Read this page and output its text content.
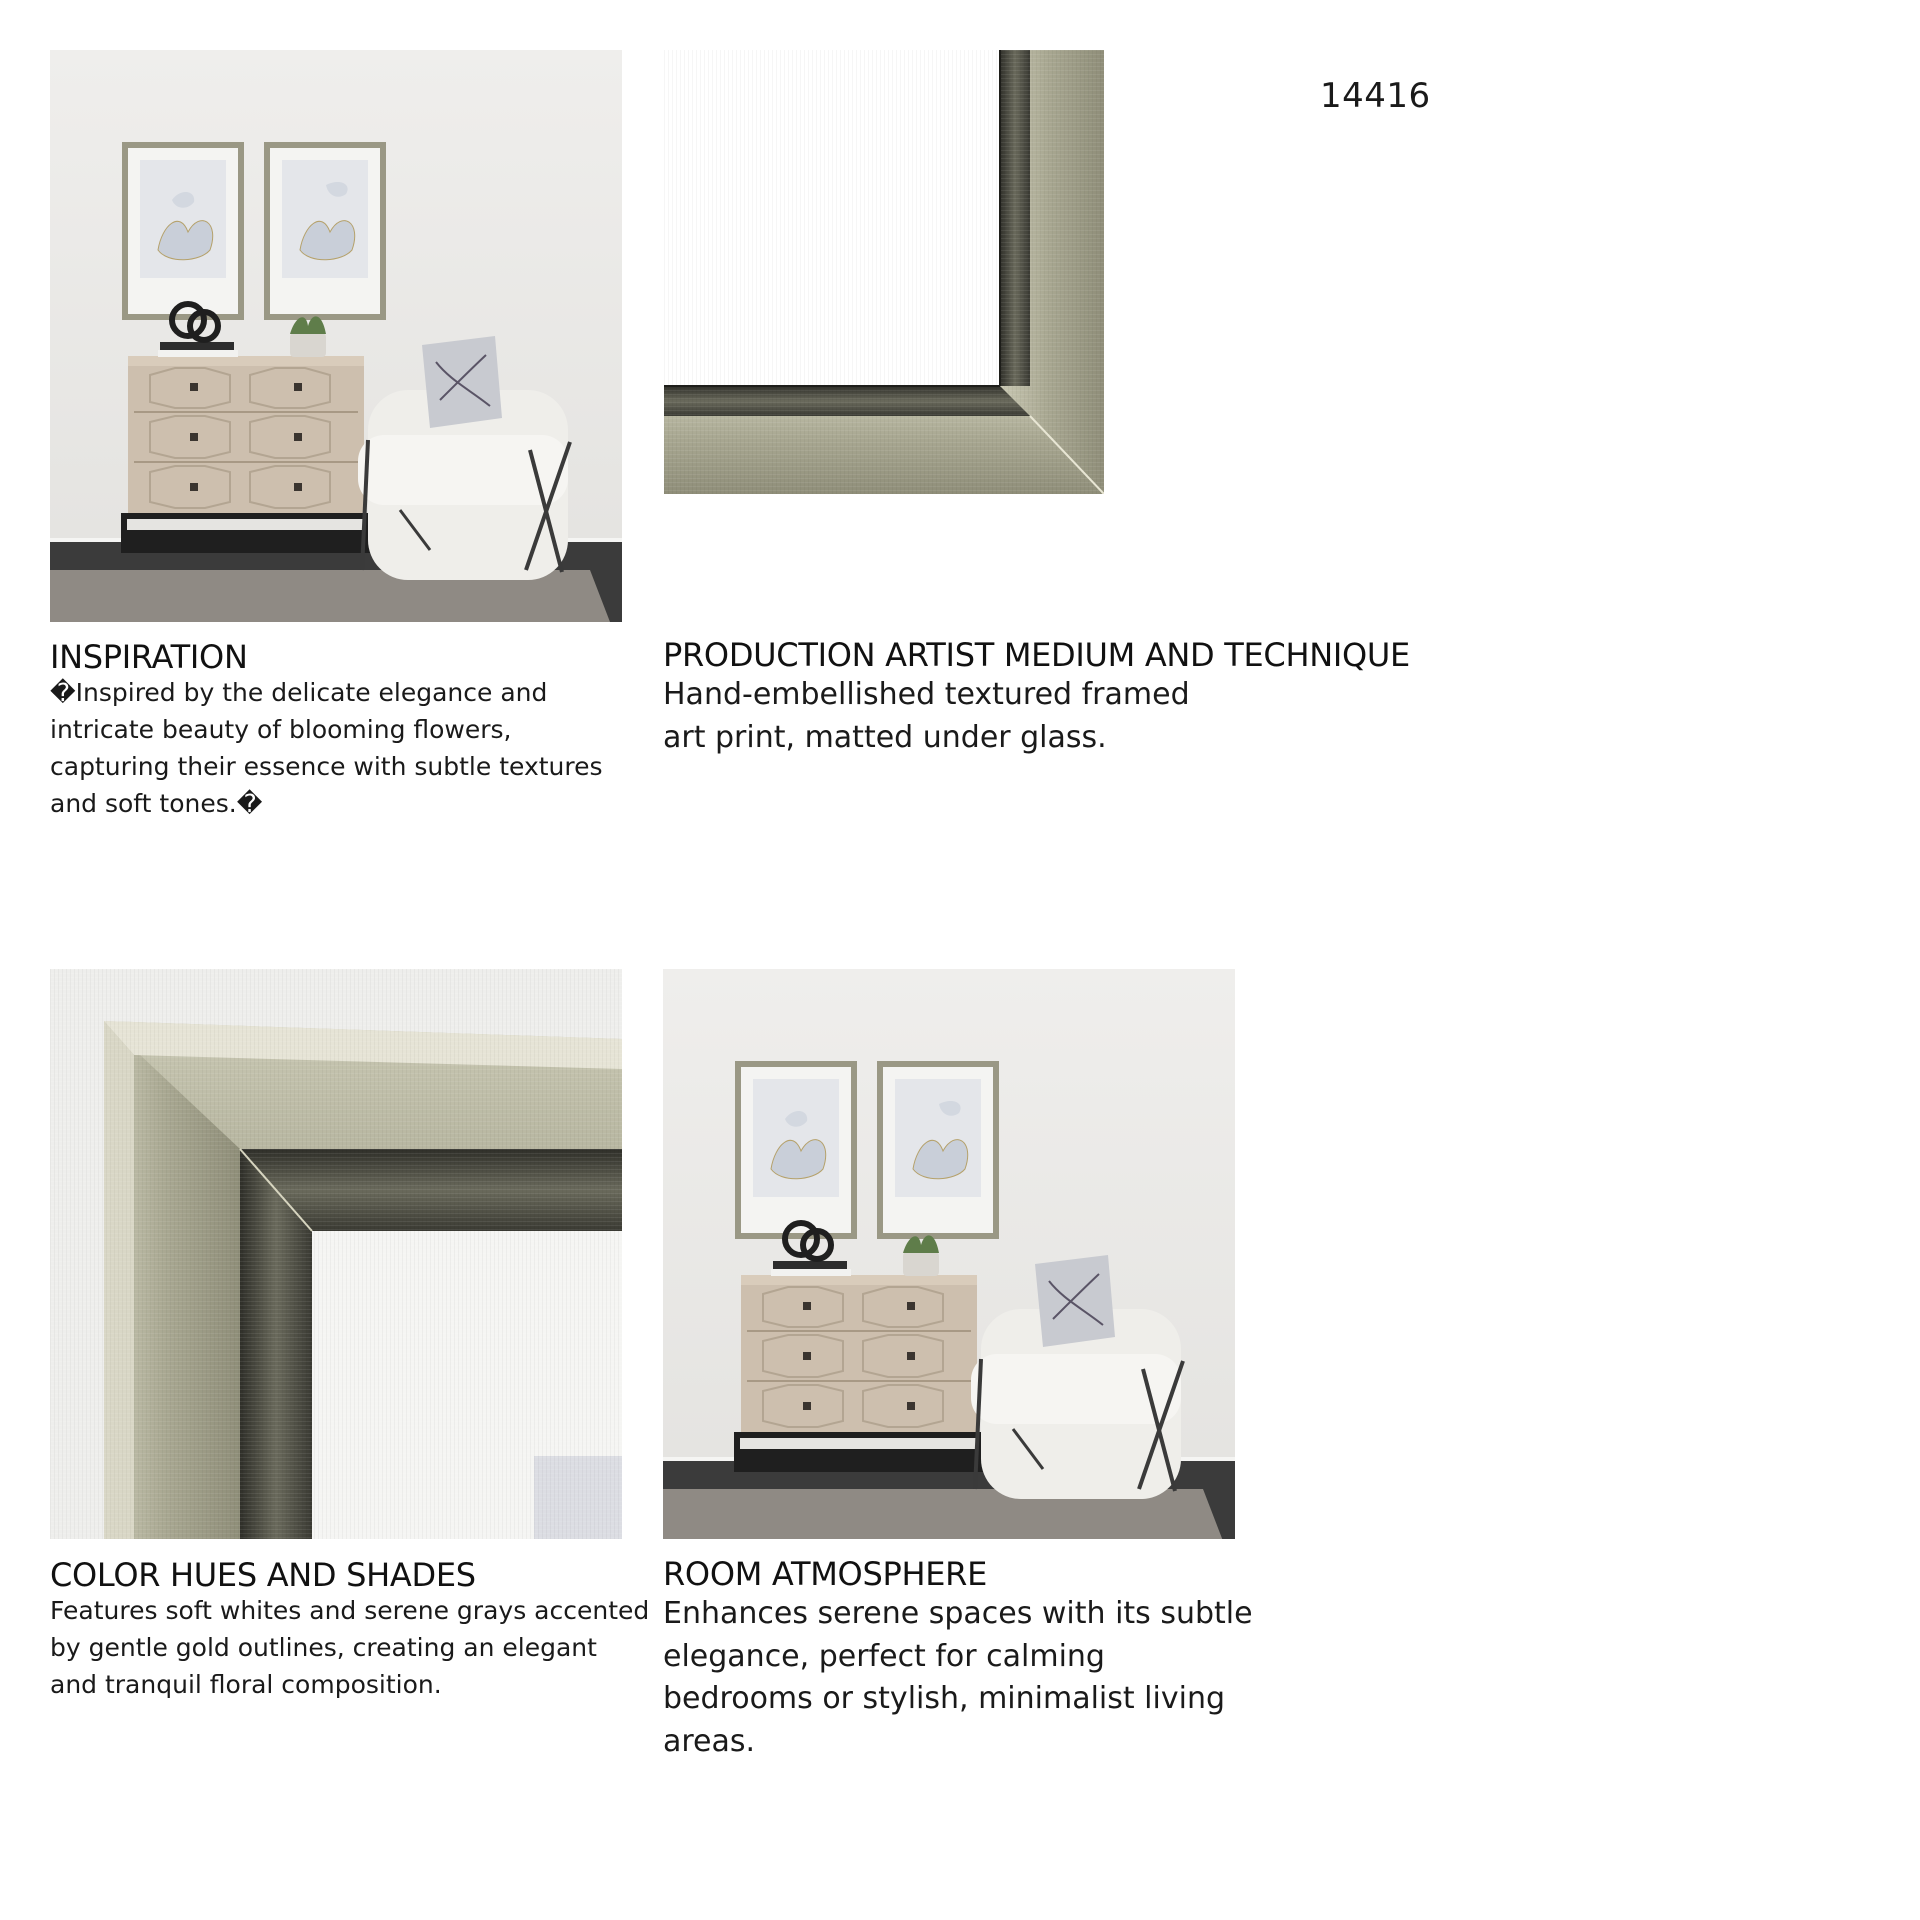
14416
INSPIRATION

�Inspired by the delicate elegance and intricate beauty of blooming flowers, capturing their essence with subtle textures and soft tones.�

PRODUCTION ARTIST MEDIUM AND TECHNIQUE

Hand-embellished textured framed art print, matted under glass.

COLOR HUES AND SHADES

Features soft whites and serene grays accented by gentle gold outlines, creating an elegant and tranquil floral composition.

ROOM ATMOSPHERE

Enhances serene spaces with its subtle elegance, perfect for calming bedrooms or stylish, minimalist living areas.
